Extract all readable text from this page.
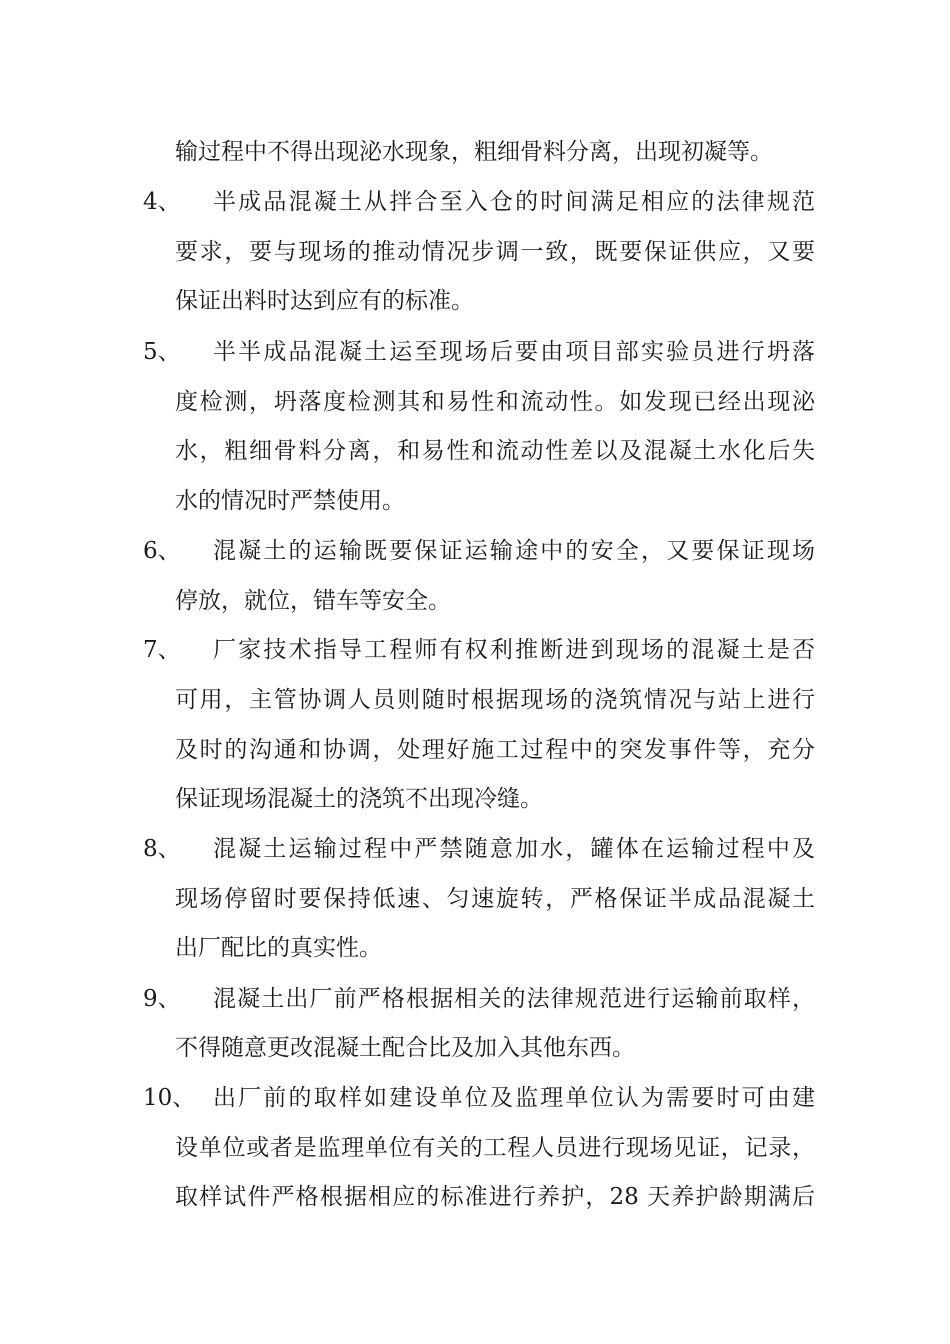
输过程中不得出现泌水现象，粗细骨料分离，出现初凝等。
4、	半成品混凝土从拌合至入仓的时间满足相应的法律规范
要求，要与现场的推动情况步调一致，既要保证供应，又要
保证出料时达到应有的标准。
5、	半半成品混凝土运至现场后要由项目部实验员进行坍落
度检测，坍落度检测其和易性和流动性。如发现已经出现泌
水，粗细骨料分离，和易性和流动性差以及混凝土水化后失
水的情况时严禁使用。
6、	混凝土的运输既要保证运输途中的安全，又要保证现场
停放，就位，错车等安全。
7、	厂家技术指导工程师有权利推断进到现场的混凝土是否
可用，主管协调人员则随时根据现场的浇筑情况与站上进行
及时的沟通和协调，处理好施工过程中的突发事件等，充分
保证现场混凝土的浇筑不出现冷缝。
8、	混凝土运输过程中严禁随意加水，罐体在运输过程中及
现场停留时要保持低速、匀速旋转，严格保证半成品混凝土
出厂配比的真实性。
9、	混凝土出厂前严格根据相关的法律规范进行运输前取样，
不得随意更改混凝土配合比及加入其他东西。
10、 出厂前的取样如建设单位及监理单位认为需要时可由建
设单位或者是监理单位有关的工程人员进行现场见证，记录，
取样试件严格根据相应的标准进行养护，28 天养护龄期满后
